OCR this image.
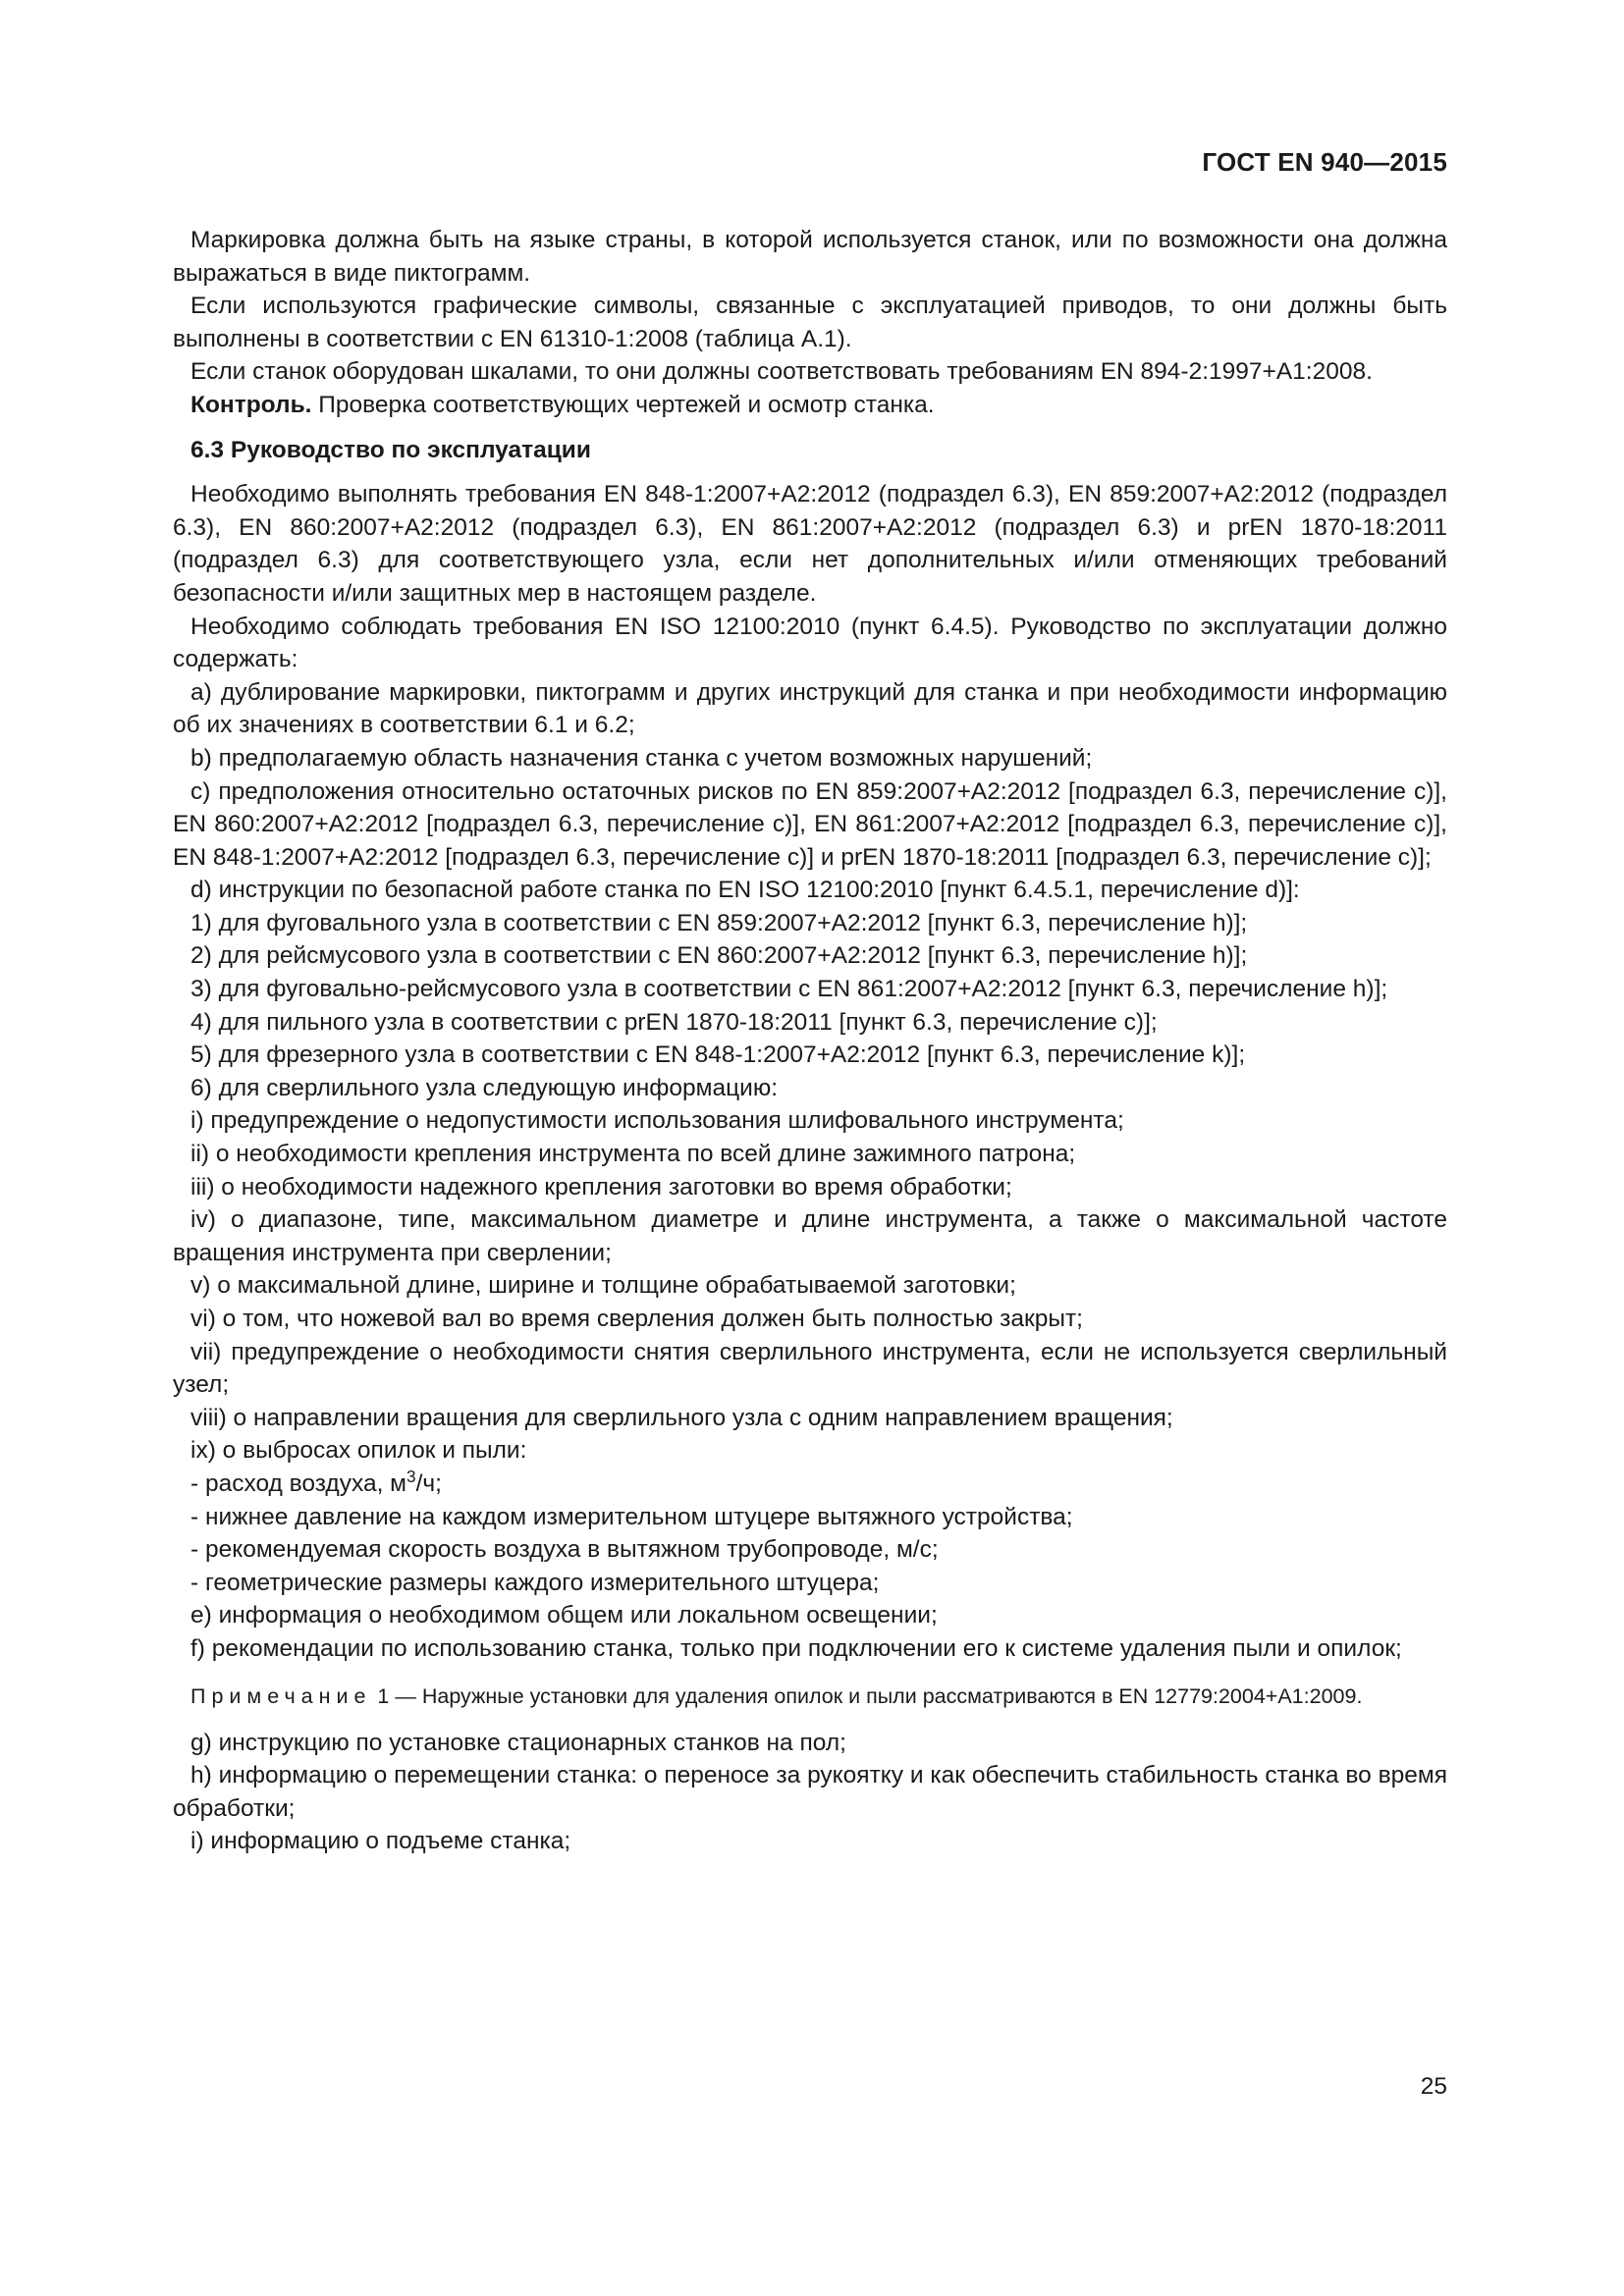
ГОСТ EN 940—2015

Маркировка должна быть на языке страны, в которой используется станок, или по возможности она должна выражаться в виде пиктограмм.

Если используются графические символы, связанные с эксплуатацией приводов, то они должны быть выполнены в соответствии с EN 61310-1:2008 (таблица А.1).

Если станок оборудован шкалами, то они должны соответствовать требованиям EN 894-2:1997+А1:2008.

Контроль. Проверка соответствующих чертежей и осмотр станка.

6.3 Руководство по эксплуатации

Необходимо выполнять требования EN 848-1:2007+А2:2012 (подраздел 6.3), EN 859:2007+А2:2012 (подраздел 6.3), EN 860:2007+А2:2012 (подраздел 6.3), EN 861:2007+А2:2012 (подраздел 6.3) и prEN 1870-18:2011 (подраздел 6.3) для соответствующего узла, если нет дополнительных и/или отменяющих требований безопасности и/или защитных мер в настоящем разделе.

Необходимо соблюдать требования EN ISO 12100:2010 (пункт 6.4.5). Руководство по эксплуатации должно содержать:

а) дублирование маркировки, пиктограмм и других инструкций для станка и при необходимости информацию об их значениях в соответствии 6.1 и 6.2;

b) предполагаемую область назначения станка с учетом возможных нарушений;

с) предположения относительно остаточных рисков по EN 859:2007+А2:2012 [подраздел 6.3, перечисление с)], EN 860:2007+А2:2012 [подраздел 6.3, перечисление с)], EN 861:2007+А2:2012 [подраздел 6.3, перечисление с)], EN 848-1:2007+А2:2012 [подраздел 6.3, перечисление с)] и prEN 1870-18:2011 [подраздел 6.3, перечисление с)];

d) инструкции по безопасной работе станка по EN ISO 12100:2010 [пункт 6.4.5.1, перечисление d)]:

1) для фуговального узла в соответствии с EN 859:2007+А2:2012 [пункт 6.3, перечисление h)];

2) для рейсмусового узла в соответствии с EN 860:2007+А2:2012 [пункт 6.3, перечисление h)];

3) для фуговально-рейсмусового узла в соответствии с EN 861:2007+А2:2012 [пункт 6.3, перечисление h)];

4) для пильного узла в соответствии с prEN 1870-18:2011 [пункт 6.3, перечисление с)];

5) для фрезерного узла в соответствии с EN 848-1:2007+А2:2012 [пункт 6.3, перечисление k)];

6) для сверлильного узла следующую информацию:

i) предупреждение о недопустимости использования шлифовального инструмента;

ii) о необходимости крепления инструмента по всей длине зажимного патрона;

iii) о необходимости надежного крепления заготовки во время обработки;

iv) о диапазоне, типе, максимальном диаметре и длине инструмента, а также о максимальной частоте вращения инструмента при сверлении;

v) о максимальной длине, ширине и толщине обрабатываемой заготовки;

vi) о том, что ножевой вал во время сверления должен быть полностью закрыт;

vii) предупреждение о необходимости снятия сверлильного инструмента, если не используется сверлильный узел;

viii) о направлении вращения для сверлильного узла с одним направлением вращения;

ix) о выбросах опилок и пыли:

- расход воздуха, $м^3/ч$;

- нижнее давление на каждом измерительном штуцере вытяжного устройства;

- рекомендуемая скорость воздуха в вытяжном трубопроводе, м/с;

- геометрические размеры каждого измерительного штуцера;

е) информация о необходимом общем или локальном освещении;

f) рекомендации по использованию станка, только при подключении его к системе удаления пыли и опилок;

Примечание 1 — Наружные установки для удаления опилок и пыли рассматриваются в EN 12779:2004+А1:2009.

g) инструкцию по установке стационарных станков на пол;

h) информацию о перемещении станка: о переносе за рукоятку и как обеспечить стабильность станка во время обработки;

i) информацию о подъеме станка;

25
